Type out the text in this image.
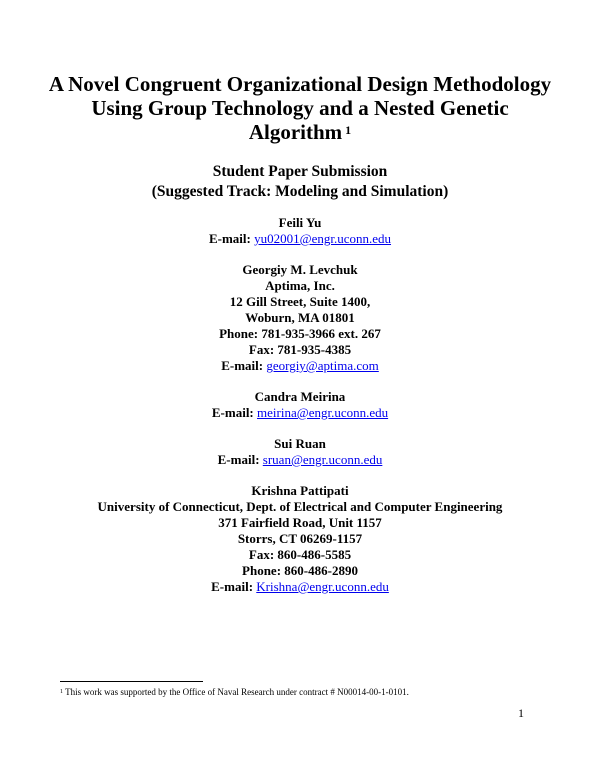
A Novel Congruent Organizational Design Methodology
Using Group Technology and a Nested Genetic
Algorithm $^1$
Student Paper Submission
(Suggested Track: Modeling and Simulation)
Feili Yu
E-mail: yu02001@engr.uconn.edu
Georgiy M. Levchuk
Aptima, Inc.
12 Gill Street, Suite 1400,
Woburn, MA 01801
Phone: 781-935-3966 ext. 267
Fax: 781-935-4385
E-mail: georgiy@aptima.com
Candra Meirina
E-mail: meirina@engr.uconn.edu
Sui Ruan
E-mail: sruan@engr.uconn.edu
Krishna Pattipati
University of Connecticut, Dept. of Electrical and Computer Engineering
371 Fairfield Road, Unit 1157
Storrs, CT 06269-1157
Fax: 860-486-5585
Phone: 860-486-2890
E-mail: Krishna@engr.uconn.edu
$^1$ This work was supported by the Office of Naval Research under contract # N00014-00-1-0101.
1
